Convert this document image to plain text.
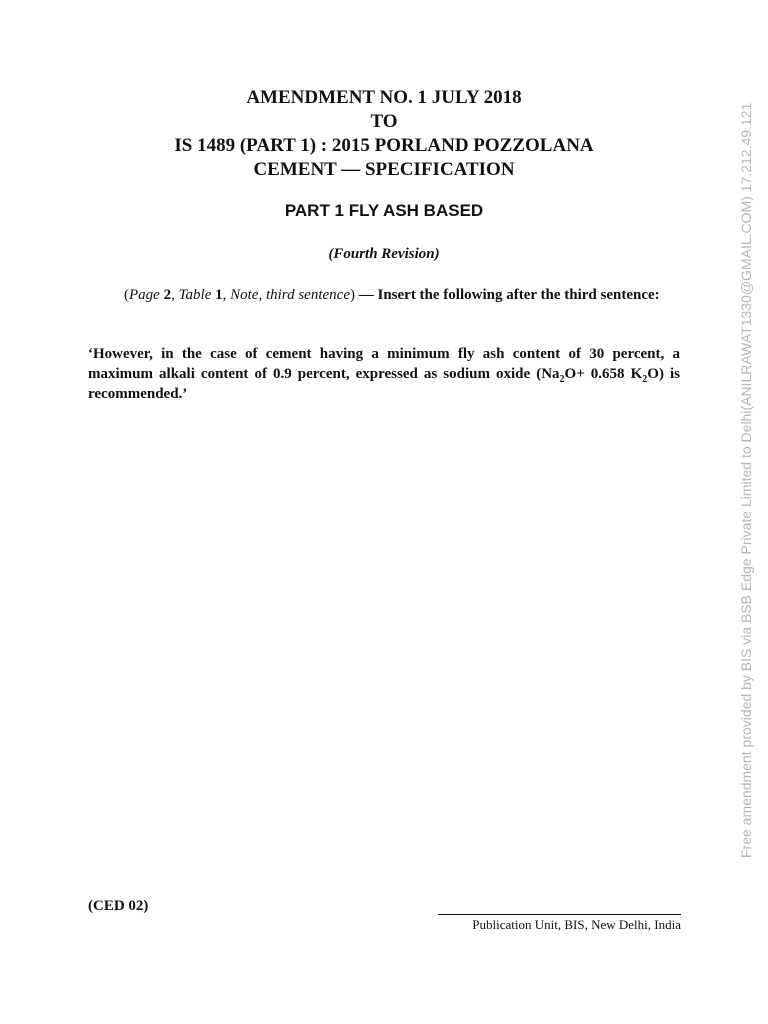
AMENDMENT NO. 1 JULY 2018
TO
IS 1489 (PART 1) : 2015 PORLAND POZZOLANA
CEMENT — SPECIFICATION
PART 1 FLY ASH BASED
(Fourth Revision)
(Page 2, Table 1, Note, third sentence) — Insert the following after the third sentence:
‘However, in the case of cement having a minimum fly ash content of 30 percent, a maximum alkali content of 0.9 percent, expressed as sodium oxide ($Na_2O+ 0.658$ $K_2O$) is recommended.’
(CED 02)
Publication Unit, BIS, New Delhi, India
Free amendment provided by BIS via BSB Edge Private Limited to Delhi(ANILRAWAT1330@GMAIL.COM) 17.212.49.121
